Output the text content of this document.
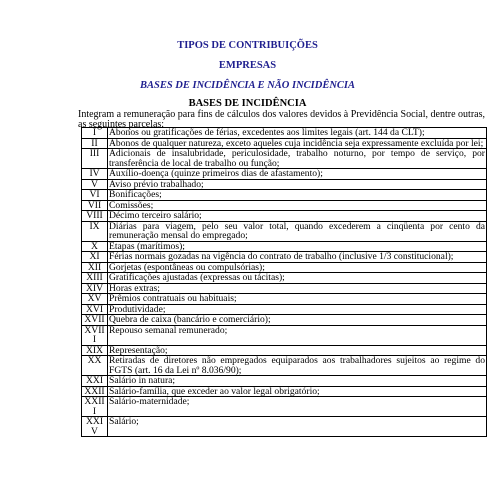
TIPOS DE CONTRIBUIÇÕES
EMPRESAS
BASES DE INCIDÊNCIA E NÃO INCIDÊNCIA
BASES DE INCIDÊNCIA
Integram a remuneração para fins de cálculos dos valores devidos à Previdência Social, dentre outras, as seguintes parcelas:
I	Abonos ou gratificações de férias, excedentes aos limites legais (art. 144 da CLT);
II	Abonos de qualquer natureza, exceto aqueles cuja incidência seja expressamente excluída por lei;
III	Adicionais de insalubridade, periculosidade, trabalho noturno, por tempo de serviço, por transferência de local de trabalho ou função;
IV	Auxílio-doença (quinze primeiros dias de afastamento);
V	Aviso prévio trabalhado;
VI	Bonificações;
VII	Comissões;
VIII	Décimo terceiro salário;
IX	Diárias para viagem, pelo seu valor total, quando excederem a cinqüenta por cento da remuneração mensal do empregado;
X	Etapas (marítimos);
XI	Férias normais gozadas na vigência do contrato de trabalho (inclusive 1/3 constitucional);
XII	Gorjetas (espontâneas ou compulsórias);
XIII	Gratificações ajustadas (expressas ou tácitas);
XIV	Horas extras;
XV	Prêmios contratuais ou habituais;
XVI	Produtividade;
XVII	Quebra de caixa (bancário e comerciário);
XVIII	Repouso semanal remunerado;
XIX	Representação;
XX	Retiradas de diretores não empregados equiparados aos trabalhadores sujeitos ao regime do FGTS (art. 16 da Lei nº 8.036/90);
XXI	Salário in natura;
XXII	Salário-família, que exceder ao valor legal obrigatório;
XXIII	Salário-maternidade;
XXIV	Salário;
